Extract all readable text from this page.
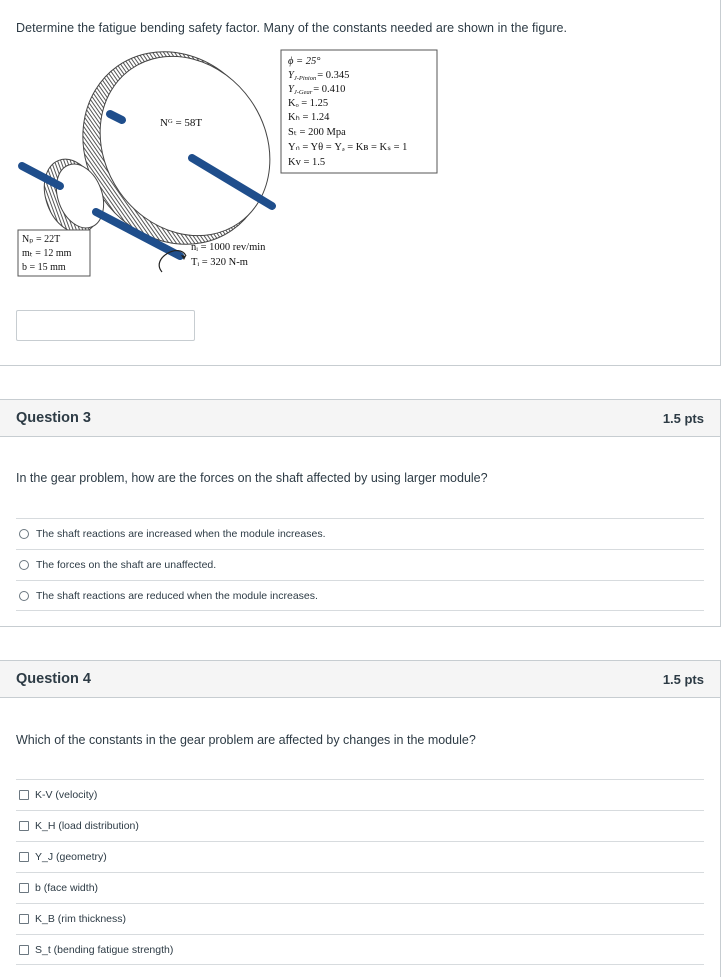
Determine the fatigue bending safety factor. Many of the constants needed are shown in the figure.
Nᴳ = 58T
ϕ = 25°
YJ-Pinion= 0.345
YJ-Gear= 0.410
Kₒ = 1.25
Kₕ = 1.24
Sₜ = 200 Mpa
Yₙ = Yθ = Yₔ = Kʙ = Kₛ = 1
Kv = 1.5
Nₚ = 22T
mₜ = 12 mm
b = 15 mm
nᵢ = 1000 rev/min
Tᵢ = 320 N-m
Question 3	1.5 pts
In the gear problem, how are the forces on the shaft affected by using larger module?
The shaft reactions are increased when the module increases.
The forces on the shaft are unaffected.
The shaft reactions are reduced when the module increases.
Question 4	1.5 pts
Which of the constants in the gear problem are affected by changes in the module?
K-V (velocity)
K_H (load distribution)
Y_J (geometry)
b (face width)
K_B (rim thickness)
S_t (bending fatigue strength)
